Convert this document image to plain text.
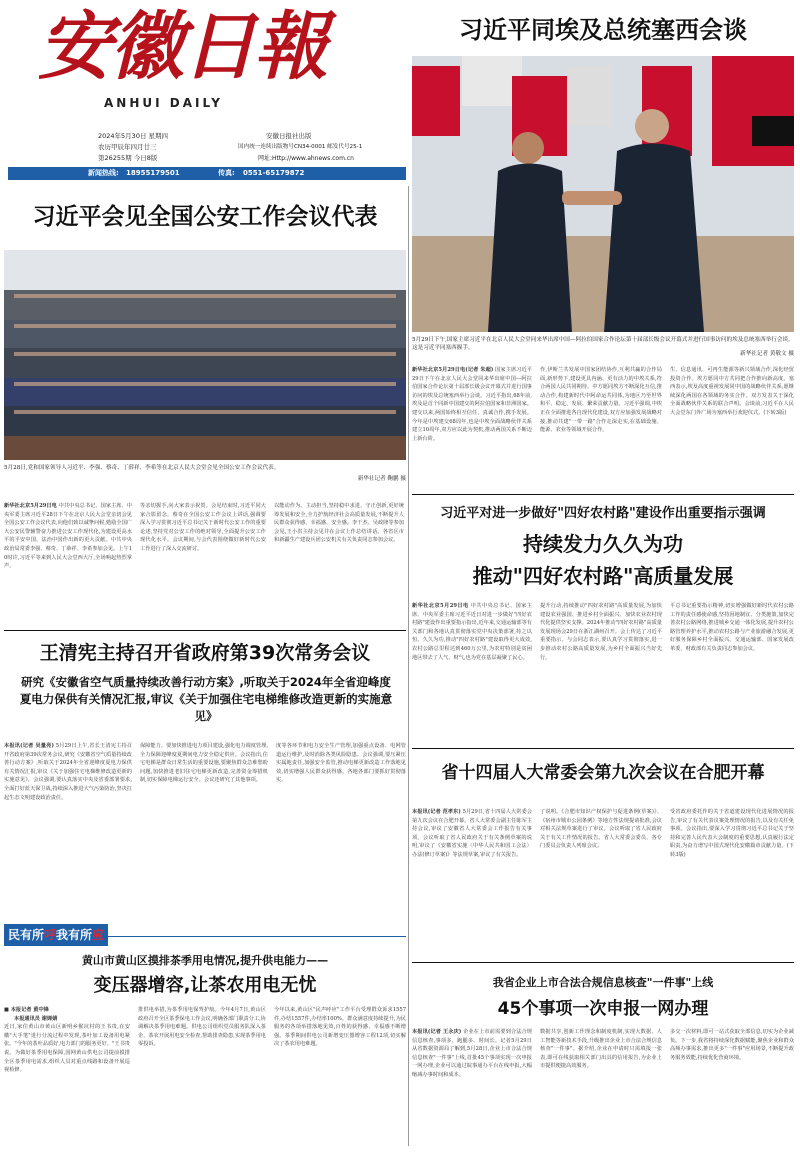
安徽日報
ANHUI DAILY
2024年5月30日 星期四
农历甲辰年四月廿三
第26255期 今日8版
安徽日报社出版
国内统一连续出版物号CN34-0001 邮发代号25-1
网址:Http://www.ahnews.com.cn
新闻热线: 18955179501	传真: 0551-65179872
习近平同埃及总统塞西会谈
5月29日下午,国家主席习近平在北京人民大会堂同来华出席中国—阿拉伯国家合作论坛第十届部长级会议开幕式并进行国事访问的埃及总统塞西举行会谈。这是习近平同塞西握手。
新华社记者 黄敬文 摄
新华社北京5月29日电(记者 朱超) 国家主席习近平29日下午在北京人民大会堂同来华出席中国—阿拉伯国家合作论坛第十届部长级会议开幕式并进行国事访问的埃及总统塞西举行会谈。习近平指出,68年前,埃及是首个同新中国建交的阿拉伯国家和非洲国家。建交以来,两国始终相互信任、真诚合作,携手发展。今年是中埃建交68周年,也是中埃全面战略伙伴关系建立10周年,双方应以此为契机,推动两国关系不断迈上新台阶。
作,伊斯兰共发展中国家团结协作,互利共赢的合作局面,新形势下,建设更具内涵、更有活力的中埃关系,符合两国人民共同期待。中方愿同埃方不断深化互信,推动合作,构建新时代中阿命运共同体,为地区乃至世界和平、稳定、发展、繁荣贡献力量。习近平强调,中埃正在全面推进各自现代化建设,双方应加强发展战略对接,推动共建"一带一路"合作走深走实,在基础设施、能源、农业等领域开展合作。
生、信息通讯、可再生能源等新兴领域合作,深化经贸投资合作。埃方愿同中方共同把合作推向新高度。塞西表示,埃及高度重视发展同中国的战略伙伴关系,愿继续深化两国在各领域的务实合作。双方发表关于深化全面战略伙伴关系的联合声明。会谈前,习近平在人民大会堂东门外广场为塞西举行欢迎仪式。(下转3版)
习近平会见全国公安工作会议代表
5月28日,党和国家领导人习近平、李强、蔡奇、丁薛祥、李希等在北京人民大会堂会见全国公安工作会议代表。
新华社记者 鞠鹏 摄
新华社北京5月29日电 中共中央总书记、国家主席、中央军委主席习近平28日下午在北京人民大会堂亲切会见全国公安工作会议代表,向他们致以诚挚问候,勉励全国广大公安民警辅警奋力推进公安工作现代化,为建设更高水平的平安中国、法治中国作出新的更大贡献。中共中央政治局常委李强、蔡奇、丁薛祥、李希参加会见。上午10时许,习近平等来到人民大会堂西大厅,全场响起热烈掌声。
等亲切握手,向大家表示祝贺。会见结束时,习近平同大家合影留念。蔡奇在全国公安工作会议上讲话,强调要深入学习贯彻习近平总书记关于新时代公安工作的重要论述,坚持党对公安工作的绝对领导,全面提升公安工作现代化水平。会议期间,与会代表围绕做好新时代公安工作进行了深入交流研讨。
以能动作为、主动担当,坚持稳中求进、守正创新,更好统筹发展和安全,全力护航经济社会高质量发展,不断提升人民群众获得感、幸福感、安全感。李干杰、吴政隆等参加会见,王小洪主持会见并在会议上作总结讲话。各省区市和新疆生产建设兵团公安机关有关负责同志参加会议。
习近平对进一步做好"四好农村路"建设作出重要指示强调
持续发力久久为功
推动"四好农村路"高质量发展
新华社北京5月29日电 中共中央总书记、国家主席、中央军委主席习近平近日对进一步做好"四好农村路"建设作出重要指示指出,近年来,交通运输部等有关部门和各地认真贯彻落实党中央决策部署,持之以恒、久久为功,推动"四好农村路"建设取得更大成效,农村公路总里程达到460万公里,为农村特别是贫困地区带去了人气、财气,也为党在基层凝聚了民心。
提升行动,持续推动"四好农村路"高质量发展,为加快建设农业强国、推进乡村全面振兴、加快农业农村现代化提供坚实支撑。2024年推动"四好农村路"高质量发展现场会29日在浙江湖州召开。会上传达了习近平重要指示。与会同志表示,要认真学习贯彻落实,进一步推动农村公路高质量发展,为乡村全面振兴当好先行。
平总书记重要指示精神,切实增强做好新时代农村公路工作的责任感使命感,坚持因地制宜、分类施策,加快完善农村公路网络,推进城乡交通一体化发展,提升农村公路管理养护水平,推动农村公路与产业旅游融合发展,更好服务保障乡村全面振兴。交通运输部、国家发展改革委、财政部有关负责同志参加会议。
王清宪主持召开省政府第39次常务会议
研究《安徽省空气质量持续改善行动方案》,听取关于2024年全省迎峰度夏电力保供有关情况汇报,审议《关于加强住宅电梯维修改造更新的实施意见》
本报讯(记者 吴量亮) 5月29日上午,省长王清宪主持召开省政府第39次常务会议,研究《安徽省空气质量持续改善行动方案》,听取关于2024年全省迎峰度夏电力保供有关情况汇报,审议《关于加强住宅电梯维修改造更新的实施意见》。会议强调,要认真落实中央及省委部署要求,全面打好蓝天保卫战,持续深入推进大气污染防治,坚决扛起生态文明建设政治责任。
保障能力。要加快推进电力项目建设,强化电力调度管理,全力保障迎峰度夏期间电力安全稳定供应。会议指出,住宅电梯是群众日常生活的重要设施,要聚焦群众急难愁盼问题,加快推进老旧住宅电梯更新改造,完善资金筹措机制,切实保障电梯运行安全。会议还研究了其他事项。
度等各环节和电力安全生产管理,加强重点设备、电网管道运行维护,及时消除各类风险隐患。会议强调,要压紧压实属地责任,加强安全监管,推动电梯更新改造工作落地见效,切实增强人民群众获得感。各地各部门要抓好贯彻落实。	省十四届人大常委会第九次会议在合肥开幕
本报讯(记者 范孝东) 5月29日,省十四届人大常委会第九次会议在合肥开幕。省人大常委会副主任陈军主持会议,审议了安徽省人大常委会工作报告有关事项。会议听取了省人民政府关于有关条例草案的说明,审议了《安徽省实施〈中华人民共和国工会法〉办法(修订草案)》等法规草案,审议了有关报告。
了说明。《合肥市知识产权保护与促进条例(草案)》、《宿州市城市公园条例》等地方性法规提请批准,会议对相关法规草案进行了审议。会议听取了省人民政府关于有关工作情况的报告。省人大常委会委员、各专门委员会负责人列席会议。
受省政府委托作的关于省道建设现代化进展情况的报告,审议了有关代表议案处理情况的报告,以及有关任免事项。会议指出,要深入学习贯彻习近平总书记关于坚持和完善人民代表大会制度的重要思想,认真履行法定职责,为奋力谱写中国式现代化安徽篇章贡献力量。(下转3版)
民有所呼我有所应
黄山市黄山区摸排茶季用电情况,提升供电能力——
变压器增容,让茶农用电无忧
■ 本报记者 黄中锋
本报通讯员 谢婵婧
近日,家住黄山市黄山区新明乡猴坑村的王书贵,在安徽"大手笔"进行分流过程中发现,茶叶加工设备用电紧张。"今年的茶叶品质好,电力部门的服务更好。"王书贵说。为做好茶季用电保障,国网黄山供电公司提前摸排全区茶季用电需求,组织人员对重点线路和设备开展巡视检修。
排供电举措,为茶季用电保驾护航。今年4月7日,黄山区政府召开全区茶季保电工作会议,明确各部门职责分工,协调解决茶季用电难题。供电公司组织党员服务队深入茶企、茶农开展用电安全检查,帮助排查隐患,实现茶季用电零投诉。
今年以来,黄山区"民声呼应"工作平台受理群众诉求1557件,办结1557件,办结率100%。群众满意度持续提升,为民服务的各项举措落地见效,百姓的获得感、幸福感不断增强。茶季期间供电公司新增变压器增容工程12项,切实解决了茶农用电难题。
我省企业上市合法合规信息核查"一件事"上线
45个事项一次申报一网办理
本报讯(记者 王永庆) 企业在上市前需要到合法合规信息核查,事项多、跑腿多、时间长。记者5月29日从省数据资源局了解到,5月28日,企业上市合法合规信息核查"一件事"上线,首批45个事项实现一次申报一网办理,企业可以通过皖事通办平台在线申报,大幅缩减办事时间和成本。
数据共享,创新工作理念和制度机制,实现大数据、人工智能等新技术手段,升级推出企业上市合法合规信息核查"一件事"。据介绍,企业在申请时只需填报一张表,即可在线获取相关部门出具的信用报告,为企业上市提供便捷高效服务。
多交一次材料,即可一站式获取全部信息,切实为企业减负。下一步,我省将持续深化数据赋能,聚焦企业和群众高频办事需求,推出更多"一件事"应用场景,不断提升政务服务效能,持续优化营商环境。
